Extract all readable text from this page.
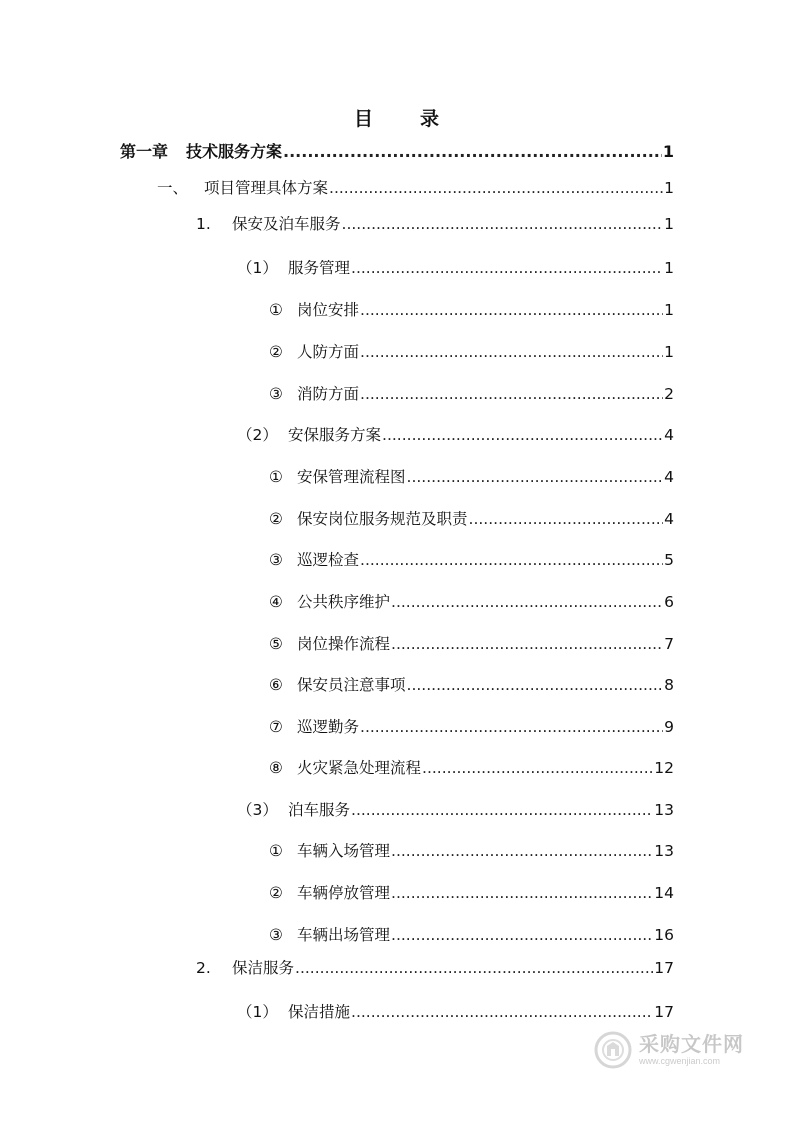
目　录
第一章	技术服务方案 .....	1
一、	项目管理具体方案 .....	1
1.	保安及泊车服务 .....	1
（1） 服务管理 .....	1
① 岗位安排 .....	1
② 人防方面 .....	1
③ 消防方面 .....	2
（2） 安保服务方案 .....	4
① 安保管理流程图 .....	4
② 保安岗位服务规范及职责 .....	4
③ 巡逻检查 .....	5
④ 公共秩序维护 .....	6
⑤ 岗位操作流程 .....	7
⑥ 保安员注意事项 .....	8
⑦ 巡逻勤务 .....	9
⑧ 火灾紧急处理流程 .....	12
（3） 泊车服务 .....	13
① 车辆入场管理 .....	13
② 车辆停放管理 .....	14
③ 车辆出场管理 .....	16
2.	保洁服务 .....	17
（1） 保洁措施 .....	17
采购文件网
www.cgwenjian.com
